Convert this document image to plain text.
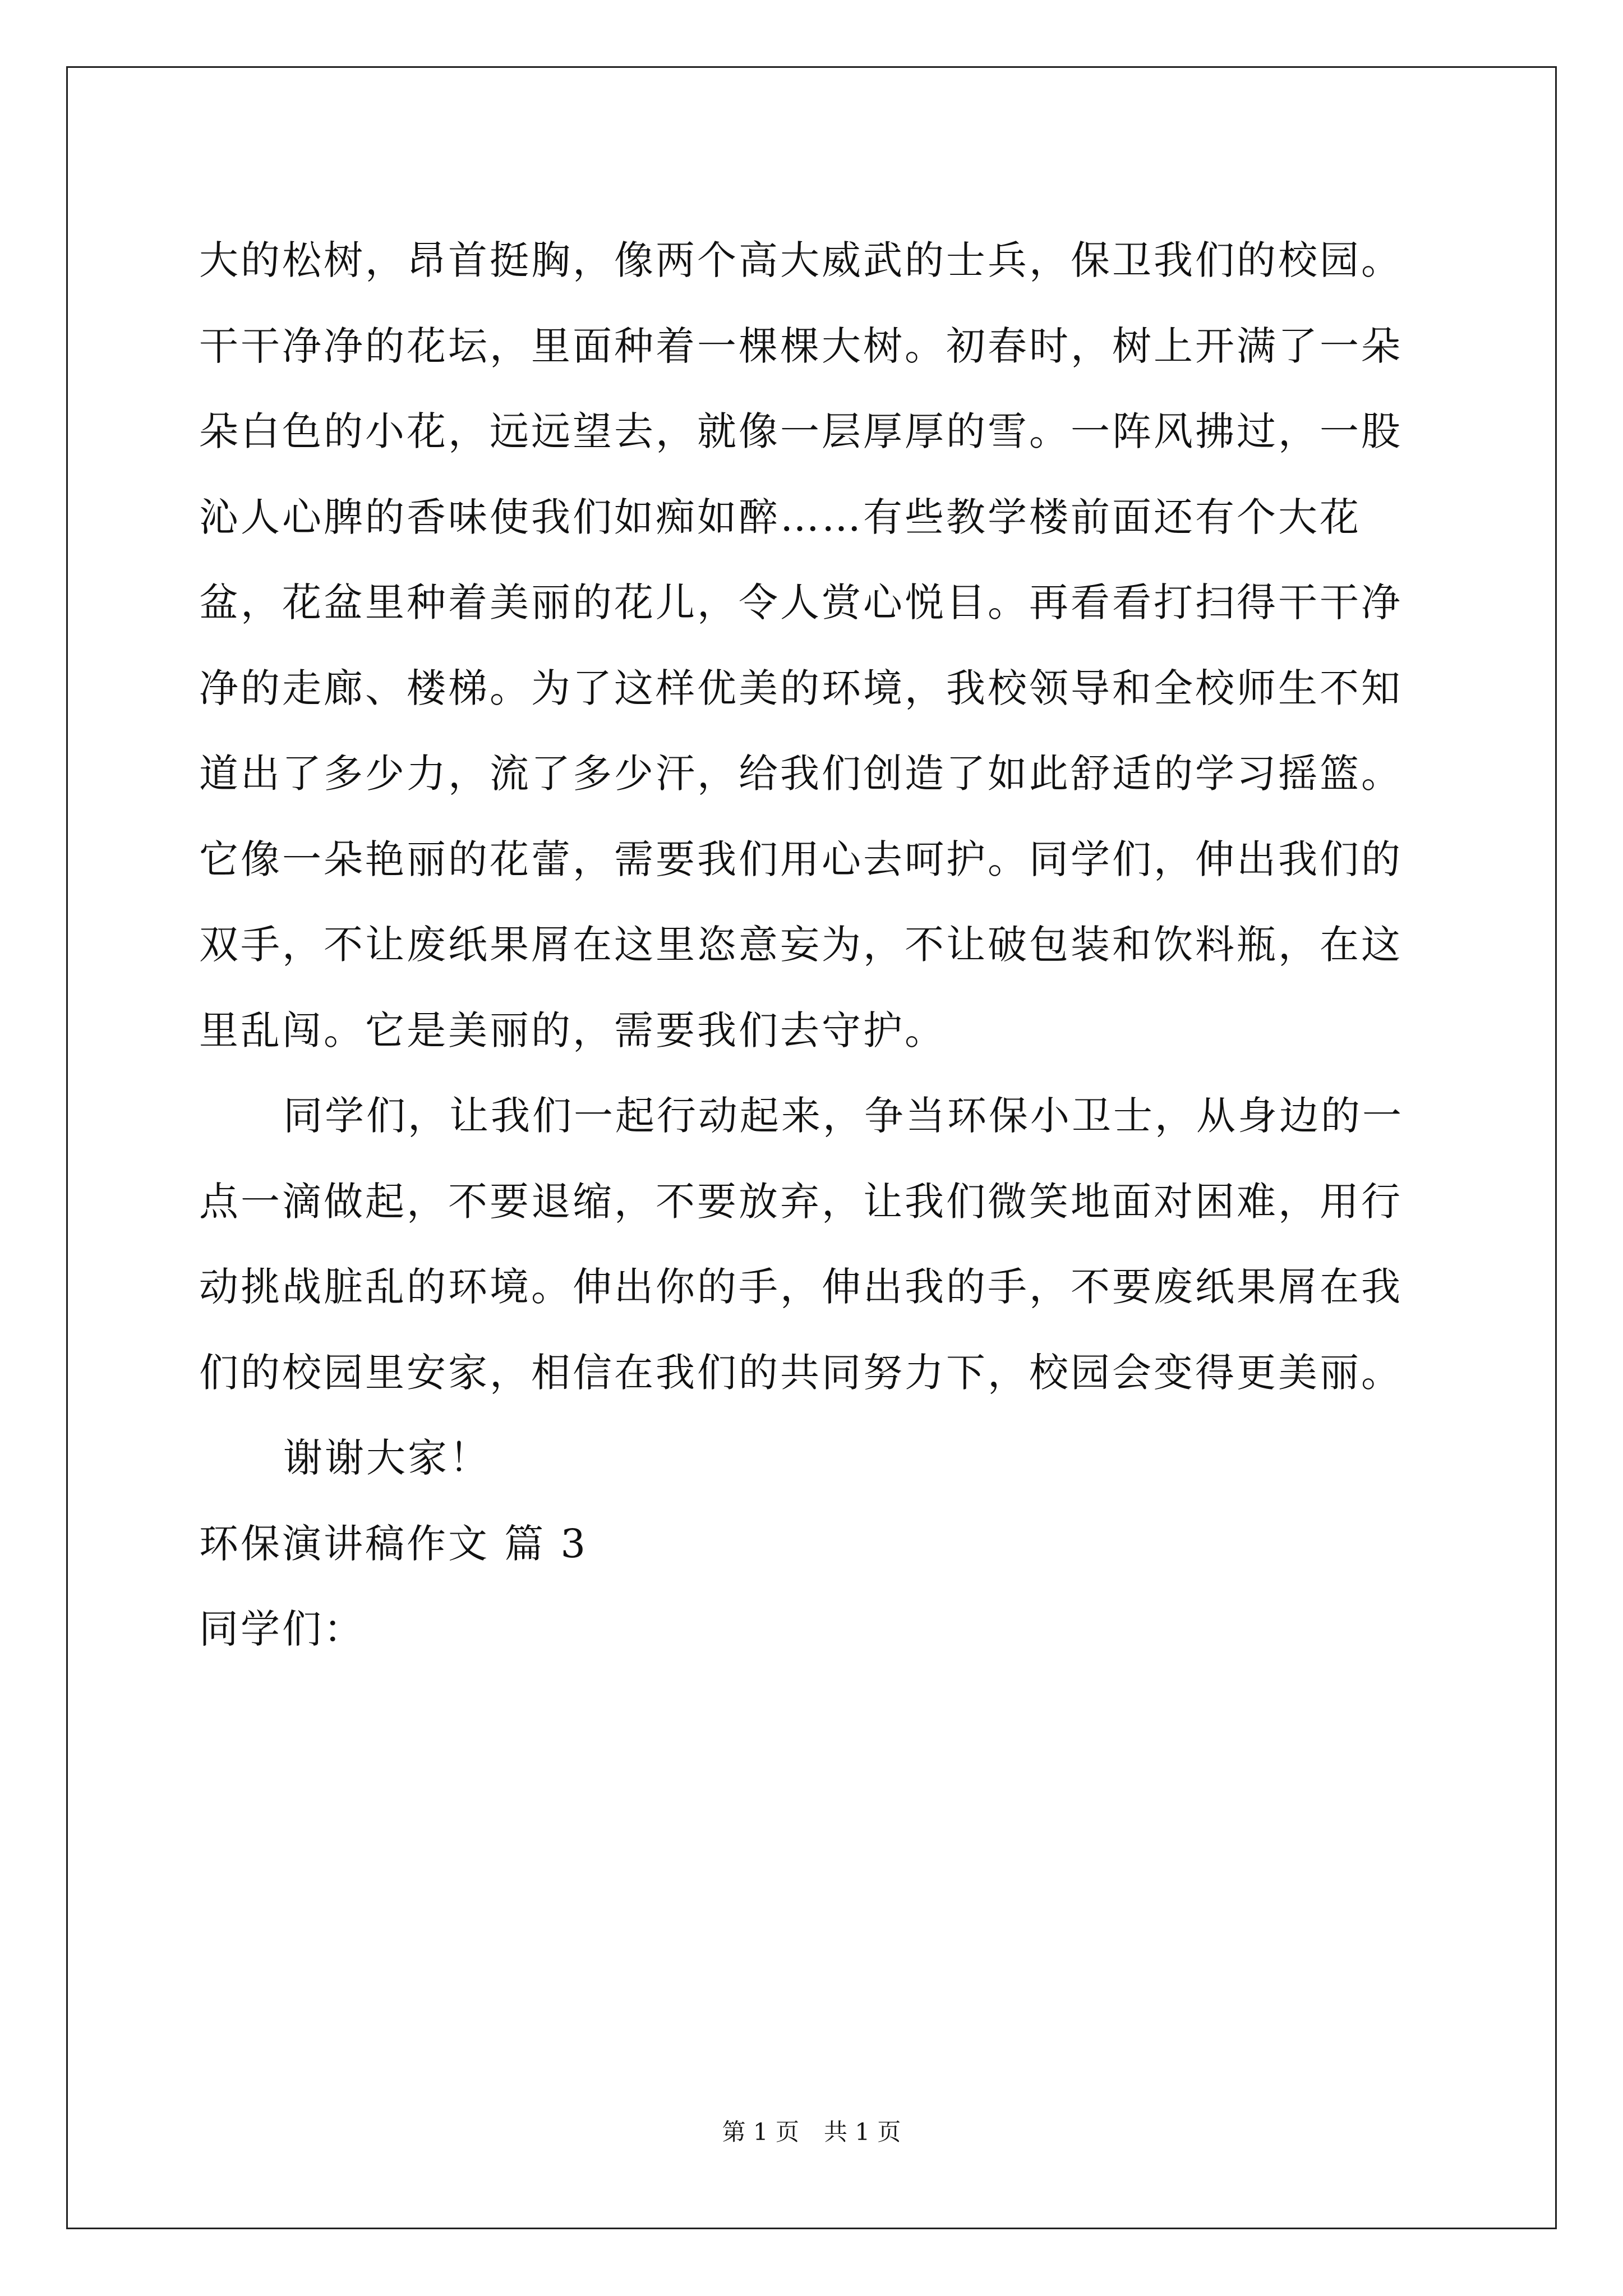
大的松树，昂首挺胸，像两个高大威武的士兵，保卫我们的校园。干干净净的花坛，里面种着一棵棵大树。初春时，树上开满了一朵朵白色的小花，远远望去，就像一层厚厚的雪。一阵风拂过，一股沁人心脾的香味使我们如痴如醉……有些教学楼前面还有个大花盆，花盆里种着美丽的花儿，令人赏心悦目。再看看打扫得干干净净的走廊、楼梯。为了这样优美的环境，我校领导和全校师生不知道出了多少力，流了多少汗，给我们创造了如此舒适的学习摇篮。它像一朵艳丽的花蕾，需要我们用心去呵护。同学们，伸出我们的双手，不让废纸果屑在这里恣意妄为，不让破包装和饮料瓶，在这里乱闯。它是美丽的，需要我们去守护。

同学们，让我们一起行动起来，争当环保小卫士，从身边的一点一滴做起，不要退缩，不要放弃，让我们微笑地面对困难，用行动挑战脏乱的环境。伸出你的手，伸出我的手，不要废纸果屑在我们的校园里安家，相信在我们的共同努力下，校园会变得更美丽。

谢谢大家！

环保演讲稿作文 篇 3

同学们：

第 1 页 共 1 页
